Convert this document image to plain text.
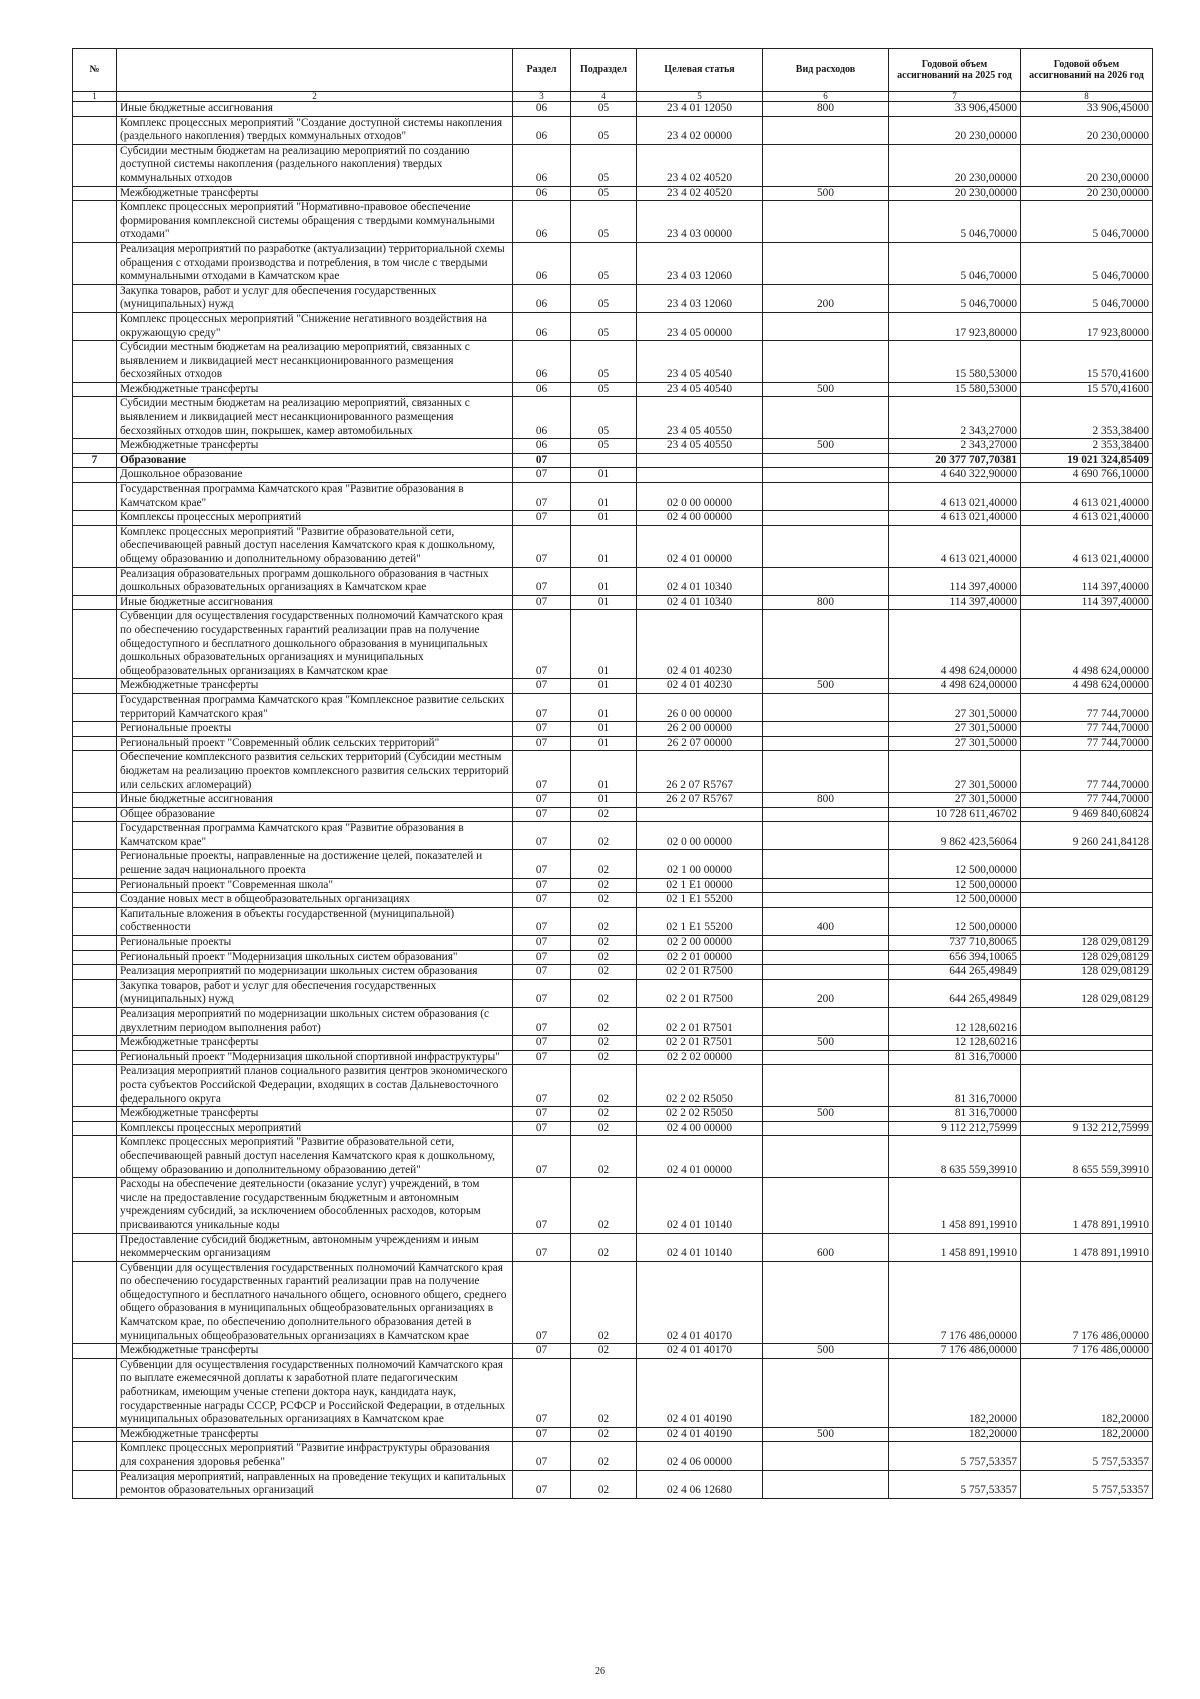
№		Раздел	Подраздел	Целевая статья	Вид расходов	Годовой объем ассигнований на 2025 год	Годовой объем ассигнований на 2026 год
1	2	3	4	5	6	7	8
	Иные бюджетные ассигнования	06	05	23 4 01 12050	800	33 906,45000	33 906,45000
	Комплекс процессных мероприятий "Создание доступной системы накопления (раздельного накопления) твердых коммунальных отходов"	06	05	23 4 02 00000		20 230,00000	20 230,00000
	Субсидии местным бюджетам на реализацию мероприятий по созданию доступной системы накопления (раздельного накопления) твердых коммунальных отходов	06	05	23 4 02 40520		20 230,00000	20 230,00000
	Межбюджетные трансферты	06	05	23 4 02 40520	500	20 230,00000	20 230,00000
	Комплекс процессных мероприятий "Нормативно-правовое обеспечение формирования комплексной системы обращения с твердыми коммунальными отходами"	06	05	23 4 03 00000		5 046,70000	5 046,70000
	Реализация мероприятий по разработке (актуализации) территориальной схемы обращения с отходами производства и потребления, в том числе с твердыми коммунальными отходами в Камчатском крае	06	05	23 4 03 12060		5 046,70000	5 046,70000
	Закупка товаров, работ и услуг для обеспечения государственных (муниципальных) нужд	06	05	23 4 03 12060	200	5 046,70000	5 046,70000
	Комплекс процессных мероприятий "Снижение негативного воздействия на окружающую среду"	06	05	23 4 05 00000		17 923,80000	17 923,80000
	Субсидии местным бюджетам на реализацию мероприятий, связанных с выявлением и ликвидацией мест несанкционированного размещения бесхозяйных отходов	06	05	23 4 05 40540		15 580,53000	15 570,41600
	Межбюджетные трансферты	06	05	23 4 05 40540	500	15 580,53000	15 570,41600
	Субсидии местным бюджетам на реализацию мероприятий, связанных с выявлением и ликвидацией мест несанкционированного размещения бесхозяйных отходов шин, покрышек, камер автомобильных	06	05	23 4 05 40550		2 343,27000	2 353,38400
	Межбюджетные трансферты	06	05	23 4 05 40550	500	2 343,27000	2 353,38400
7	Образование	07				20 377 707,70381	19 021 324,85409
	Дошкольное образование	07	01			4 640 322,90000	4 690 766,10000
	Государственная программа Камчатского края "Развитие образования в Камчатском крае"	07	01	02 0 00 00000		4 613 021,40000	4 613 021,40000
	Комплексы процессных мероприятий	07	01	02 4 00 00000		4 613 021,40000	4 613 021,40000
	Комплекс процессных мероприятий "Развитие образовательной сети, обеспечивающей равный доступ населения Камчатского края к дошкольному, общему образованию и дополнительному образованию детей"	07	01	02 4 01 00000		4 613 021,40000	4 613 021,40000
	Реализация образовательных программ дошкольного образования в частных дошкольных образовательных организациях в Камчатском крае	07	01	02 4 01 10340		114 397,40000	114 397,40000
	Иные бюджетные ассигнования	07	01	02 4 01 10340	800	114 397,40000	114 397,40000
	Субвенции для осуществления государственных полномочий Камчатского края по обеспечению государственных гарантий реализации прав на получение общедоступного и бесплатного дошкольного образования в муниципальных дошкольных образовательных организациях и муниципальных общеобразовательных организациях в Камчатском крае	07	01	02 4 01 40230		4 498 624,00000	4 498 624,00000
	Межбюджетные трансферты	07	01	02 4 01 40230	500	4 498 624,00000	4 498 624,00000
	Государственная программа Камчатского края "Комплексное развитие сельских территорий Камчатского края"	07	01	26 0 00 00000		27 301,50000	77 744,70000
	Региональные проекты	07	01	26 2 00 00000		27 301,50000	77 744,70000
	Региональный проект "Современный облик сельских территорий"	07	01	26 2 07 00000		27 301,50000	77 744,70000
	Обеспечение комплексного развития сельских территорий (Субсидии местным бюджетам на реализацию проектов комплексного развития сельских территорий или сельских агломераций)	07	01	26 2 07 R5767		27 301,50000	77 744,70000
	Иные бюджетные ассигнования	07	01	26 2 07 R5767	800	27 301,50000	77 744,70000
	Общее образование	07	02			10 728 611,46702	9 469 840,60824
	Государственная программа Камчатского края "Развитие образования в Камчатском крае"	07	02	02 0 00 00000		9 862 423,56064	9 260 241,84128
	Региональные проекты, направленные на достижение целей, показателей и решение задач национального проекта	07	02	02 1 00 00000		12 500,00000	
	Региональный проект "Современная школа"	07	02	02 1 E1 00000		12 500,00000	
	Создание новых мест в общеобразовательных организациях	07	02	02 1 E1 55200		12 500,00000	
	Капитальные вложения в объекты государственной (муниципальной) собственности	07	02	02 1 E1 55200	400	12 500,00000	
	Региональные проекты	07	02	02 2 00 00000		737 710,80065	128 029,08129
	Региональный проект "Модернизация школьных систем образования"	07	02	02 2 01 00000		656 394,10065	128 029,08129
	Реализация мероприятий по модернизации школьных систем образования	07	02	02 2 01 R7500		644 265,49849	128 029,08129
	Закупка товаров, работ и услуг для обеспечения государственных (муниципальных) нужд	07	02	02 2 01 R7500	200	644 265,49849	128 029,08129
	Реализация мероприятий по модернизации школьных систем образования (с двухлетним периодом выполнения работ)	07	02	02 2 01 R7501		12 128,60216	
	Межбюджетные трансферты	07	02	02 2 01 R7501	500	12 128,60216	
	Региональный проект "Модернизация школьной спортивной инфраструктуры"	07	02	02 2 02 00000		81 316,70000	
	Реализация мероприятий планов социального развития центров экономического роста субъектов Российской Федерации, входящих в состав Дальневосточного федерального округа	07	02	02 2 02 R5050		81 316,70000	
	Межбюджетные трансферты	07	02	02 2 02 R5050	500	81 316,70000	
	Комплексы процессных мероприятий	07	02	02 4 00 00000		9 112 212,75999	9 132 212,75999
	Комплекс процессных мероприятий "Развитие образовательной сети, обеспечивающей равный доступ населения Камчатского края к дошкольному, общему образованию и дополнительному образованию детей"	07	02	02 4 01 00000		8 635 559,39910	8 655 559,39910
	Расходы на обеспечение деятельности (оказание услуг) учреждений, в том числе на предоставление государственным бюджетным и автономным учреждениям субсидий, за исключением обособленных расходов, которым присваиваются уникальные коды	07	02	02 4 01 10140		1 458 891,19910	1 478 891,19910
	Предоставление субсидий бюджетным, автономным учреждениям и иным некоммерческим организациям	07	02	02 4 01 10140	600	1 458 891,19910	1 478 891,19910
	Субвенции для осуществления государственных полномочий Камчатского края по обеспечению государственных гарантий реализации прав на получение общедоступного и бесплатного начального общего, основного общего, среднего общего образования в муниципальных общеобразовательных организациях в Камчатском крае, по обеспечению дополнительного образования детей в муниципальных общеобразовательных организациях в Камчатском крае	07	02	02 4 01 40170		7 176 486,00000	7 176 486,00000
	Межбюджетные трансферты	07	02	02 4 01 40170	500	7 176 486,00000	7 176 486,00000
	Субвенции для осуществления государственных полномочий Камчатского края по выплате ежемесячной доплаты к заработной плате педагогическим работникам, имеющим ученые степени доктора наук, кандидата наук, государственные награды СССР, РСФСР и Российской Федерации, в отдельных муниципальных образовательных организациях в Камчатском крае	07	02	02 4 01 40190		182,20000	182,20000
	Межбюджетные трансферты	07	02	02 4 01 40190	500	182,20000	182,20000
	Комплекс процессных мероприятий "Развитие инфраструктуры образования для сохранения здоровья ребенка"	07	02	02 4 06 00000		5 757,53357	5 757,53357
	Реализация мероприятий, направленных на проведение текущих и капитальных ремонтов образовательных организаций	07	02	02 4 06 12680		5 757,53357	5 757,53357
26
